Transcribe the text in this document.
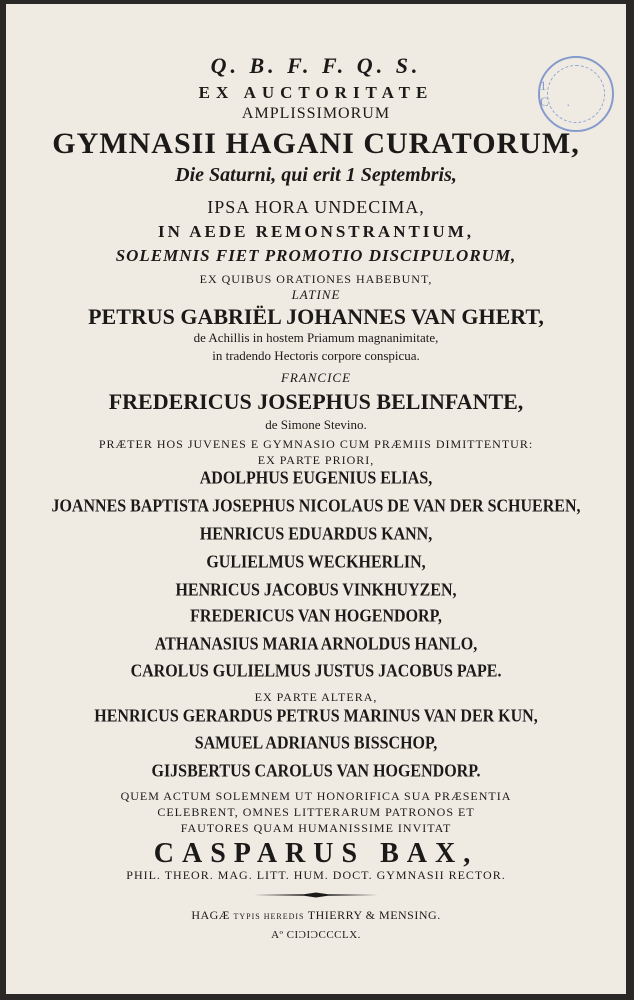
1 C.
Q. B. F. F. Q. S.
EX AUCTORITATE
AMPLISSIMORUM
GYMNASII HAGANI CURATORUM,
Die Saturni, qui erit 1 Septembris,
IPSA HORA UNDECIMA,
IN AEDE REMONSTRANTIUM,
SOLEMNIS FIET PROMOTIO DISCIPULORUM,
EX QUIBUS ORATIONES HABEBUNT,
LATINE
PETRUS GABRIËL JOHANNES VAN GHERT,
de Achillis in hostem Priamum magnanimitate,
in tradendo Hectoris corpore conspicua.
FRANCICE
FREDERICUS JOSEPHUS BELINFANTE,
de Simone Stevino.
PRÆTER HOS JUVENES E GYMNASIO CUM PRÆMIIS DIMITTENTUR:
EX PARTE PRIORI,
ADOLPHUS EUGENIUS ELIAS,
JOANNES BAPTISTA JOSEPHUS NICOLAUS DE VAN DER SCHUEREN,
HENRICUS EDUARDUS KANN,
GULIELMUS WECKHERLIN,
HENRICUS JACOBUS VINKHUYZEN,
FREDERICUS VAN HOGENDORP,
ATHANASIUS MARIA ARNOLDUS HANLO,
CAROLUS GULIELMUS JUSTUS JACOBUS PAPE.
EX PARTE ALTERA,
HENRICUS GERARDUS PETRUS MARINUS VAN DER KUN,
SAMUEL ADRIANUS BISSCHOP,
GIJSBERTUS CAROLUS VAN HOGENDORP.
QUEM ACTUM SOLEMNEM UT HONORIFICA SUA PRÆSENTIA
CELEBRENT, OMNES LITTERARUM PATRONOS ET
FAUTORES QUAM HUMANISSIME INVITAT
CASPARUS BAX,
PHIL. THEOR. MAG. LITT. HUM. DOCT. GYMNASII RECTOR.
HAGÆ TYPIS HEREDIS THIERRY & MENSING.
Aº CIƆIƆCCCLX.
